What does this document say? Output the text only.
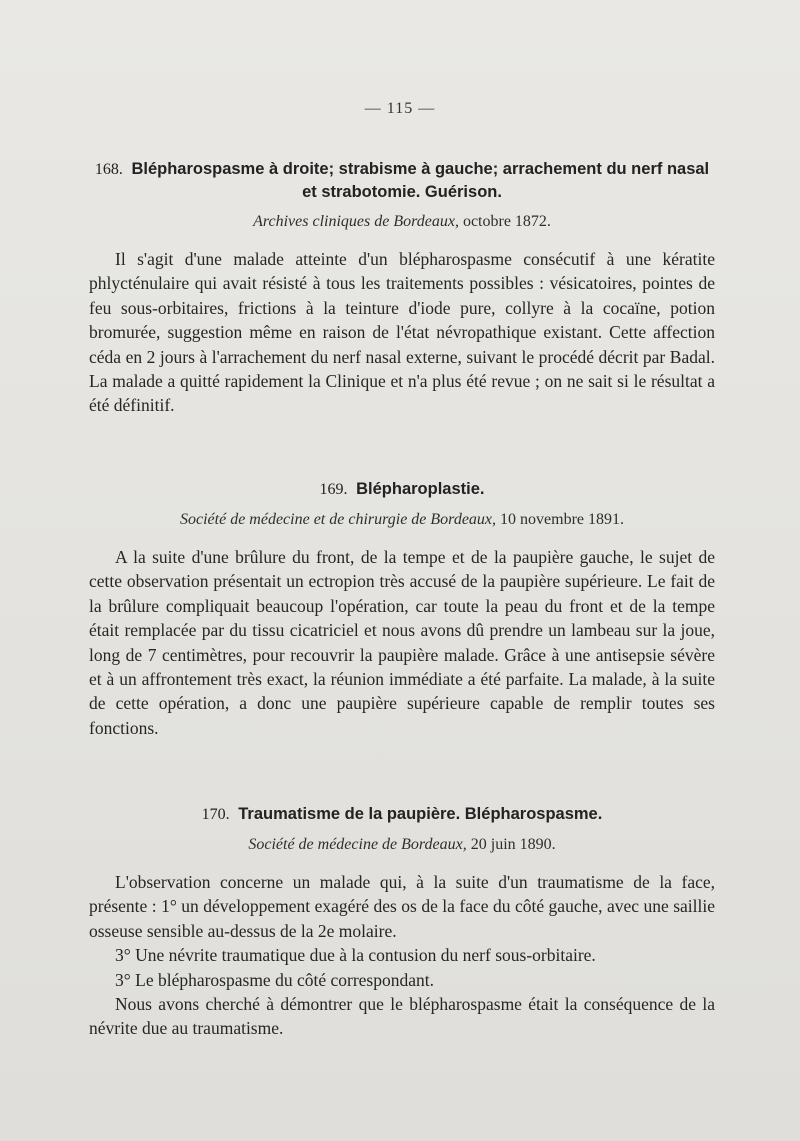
— 115 —
168. Blépharospasme à droite; strabisme à gauche; arrachement du nerf nasal et strabotomie. Guérison.
Archives cliniques de Bordeaux, octobre 1872.

Il s'agit d'une malade atteinte d'un blépharospasme consécutif à une kératite phlycténulaire qui avait résisté à tous les traitements possibles : vésicatoires, pointes de feu sous-orbitaires, frictions à la teinture d'iode pure, collyre à la cocaïne, potion bromurée, suggestion même en raison de l'état névropathique existant. Cette affection céda en 2 jours à l'arrachement du nerf nasal externe, suivant le procédé décrit par Badal. La malade a quitté rapidement la Clinique et n'a plus été revue ; on ne sait si le résultat a été définitif.

169. Blépharoplastie.
Société de médecine et de chirurgie de Bordeaux, 10 novembre 1891.

A la suite d'une brûlure du front, de la tempe et de la paupière gauche, le sujet de cette observation présentait un ectropion très accusé de la paupière supérieure. Le fait de la brûlure compliquait beaucoup l'opération, car toute la peau du front et de la tempe était remplacée par du tissu cicatriciel et nous avons dû prendre un lambeau sur la joue, long de 7 centimètres, pour recouvrir la paupière malade. Grâce à une antisepsie sévère et à un affrontement très exact, la réunion immédiate a été parfaite. La malade, à la suite de cette opération, a donc une paupière supérieure capable de remplir toutes ses fonctions.

170. Traumatisme de la paupière. Blépharospasme.
Société de médecine de Bordeaux, 20 juin 1890.

L'observation concerne un malade qui, à la suite d'un traumatisme de la face, présente : 1° un développement exagéré des os de la face du côté gauche, avec une saillie osseuse sensible au-dessus de la 2e molaire.

3° Une névrite traumatique due à la contusion du nerf sous-orbitaire.

3° Le blépharospasme du côté correspondant.

Nous avons cherché à démontrer que le blépharospasme était la conséquence de la névrite due au traumatisme.
